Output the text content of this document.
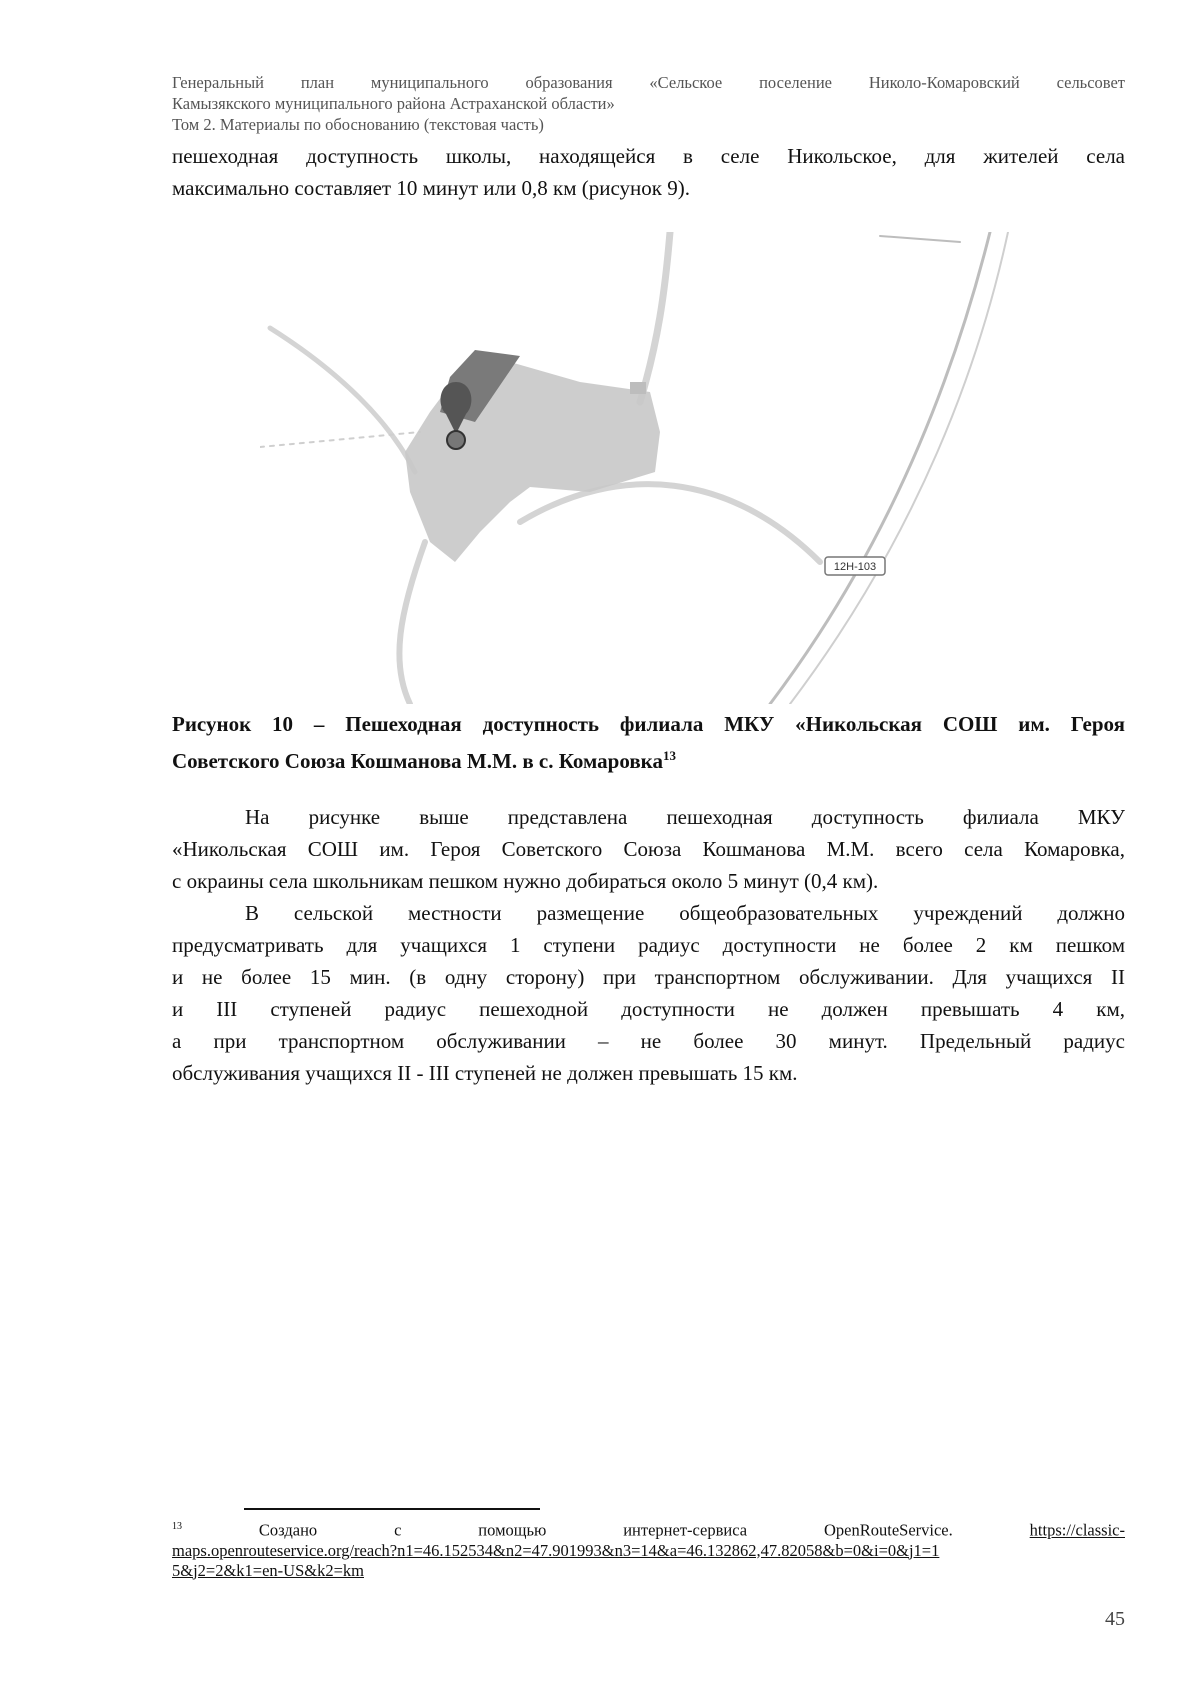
Генеральный план муниципального образования «Сельское поселение Николо-Комаровский сельсовет
Камызякского муниципального района Астраханской области»
Том 2. Материалы по обоснованию (текстовая часть)
пешеходная доступность школы, находящейся в селе Никольское, для жителей села
максимально составляет 10 минут или 0,8 км (рисунок 9).
12Н-103
Рисунок 10 – Пешеходная доступность филиала МКУ «Никольская СОШ им. Героя
Советского Союза Кошманова М.М. в с. Комаровка$^{13}$
На рисунке выше представлена пешеходная доступность филиала МКУ
«Никольская СОШ им. Героя Советского Союза Кошманова М.М. всего села Комаровка,
с окраины села школьникам пешком нужно добираться около 5 минут (0,4 км).
В сельской местности размещение общеобразовательных учреждений должно
предусматривать для учащихся 1 ступени радиус доступности не более 2 км пешком
и не более 15 мин. (в одну сторону) при транспортном обслуживании. Для учащихся II
и III ступеней радиус пешеходной доступности не должен превышать 4 км,
а при транспортном обслуживании – не более 30 минут. Предельный радиус
обслуживания учащихся II - III ступеней не должен превышать 15 км.
$^{13}$	Создано с помощью интернет-сервиса OpenRouteService.	https://classic-
maps.openrouteservice.org/reach?n1=46.152534&n2=47.901993&n3=14&a=46.132862,47.82058&b=0&i=0&j1=1
5&j2=2&k1=en-US&k2=km
45
